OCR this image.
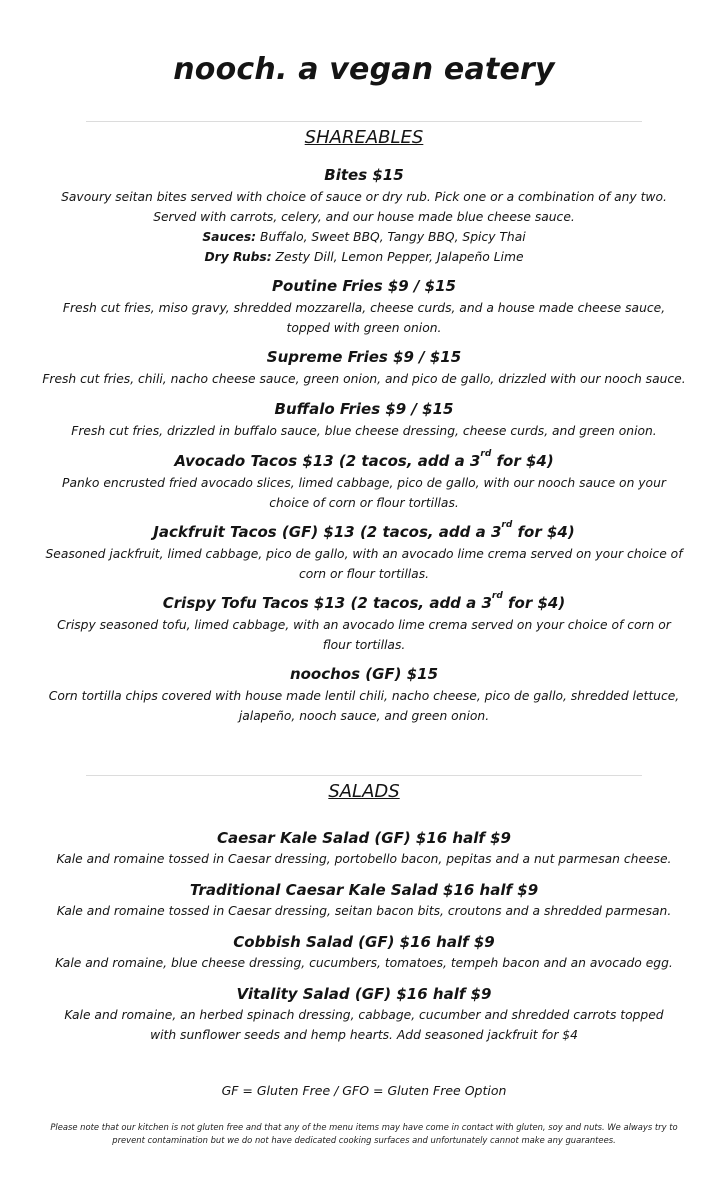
nooch. a vegan eatery
SHAREABLES
Bites $15
Savoury seitan bites served with choice of sauce or dry rub. Pick one or a combination of any two.
Served with carrots, celery, and our house made blue cheese sauce.
Sauces: Buffalo, Sweet BBQ, Tangy BBQ, Spicy Thai
Dry Rubs: Zesty Dill, Lemon Pepper, Jalapeño Lime
Poutine Fries $9 / $15
Fresh cut fries, miso gravy, shredded mozzarella, cheese curds, and a house made cheese sauce,
topped with green onion.
Supreme Fries $9 / $15
Fresh cut fries, chili, nacho cheese sauce, green onion, and pico de gallo, drizzled with our nooch sauce.
Buffalo Fries $9 / $15
Fresh cut fries, drizzled in buffalo sauce, blue cheese dressing, cheese curds, and green onion.
Avocado Tacos $13 (2 tacos, add a 3rd for $4)
Panko encrusted fried avocado slices, limed cabbage, pico de gallo, with our nooch sauce on your
choice of corn or flour tortillas.
Jackfruit Tacos (GF) $13 (2 tacos, add a 3rd for $4)
Seasoned jackfruit, limed cabbage, pico de gallo, with an avocado lime crema served on your choice of
corn or flour tortillas.
Crispy Tofu Tacos $13 (2 tacos, add a 3rd for $4)
Crispy seasoned tofu, limed cabbage, with an avocado lime crema served on your choice of corn or
flour tortillas.
noochos (GF) $15
Corn tortilla chips covered with house made lentil chili, nacho cheese, pico de gallo, shredded lettuce,
jalapeño, nooch sauce, and green onion.
SALADS
Caesar Kale Salad (GF) $16 half $9
Kale and romaine tossed in Caesar dressing, portobello bacon, pepitas and a nut parmesan cheese.
Traditional Caesar Kale Salad $16 half $9
Kale and romaine tossed in Caesar dressing, seitan bacon bits, croutons and a shredded parmesan.
Cobbish Salad (GF) $16 half $9
Kale and romaine, blue cheese dressing, cucumbers, tomatoes, tempeh bacon and an avocado egg.
Vitality Salad (GF) $16 half $9
Kale and romaine, an herbed spinach dressing, cabbage, cucumber and shredded carrots topped
with sunflower seeds and hemp hearts. Add seasoned jackfruit for $4
GF = Gluten Free / GFO = Gluten Free Option
Please note that our kitchen is not gluten free and that any of the menu items may have come in contact with gluten, soy and nuts. We always try to
prevent contamination but we do not have dedicated cooking surfaces and unfortunately cannot make any guarantees.
